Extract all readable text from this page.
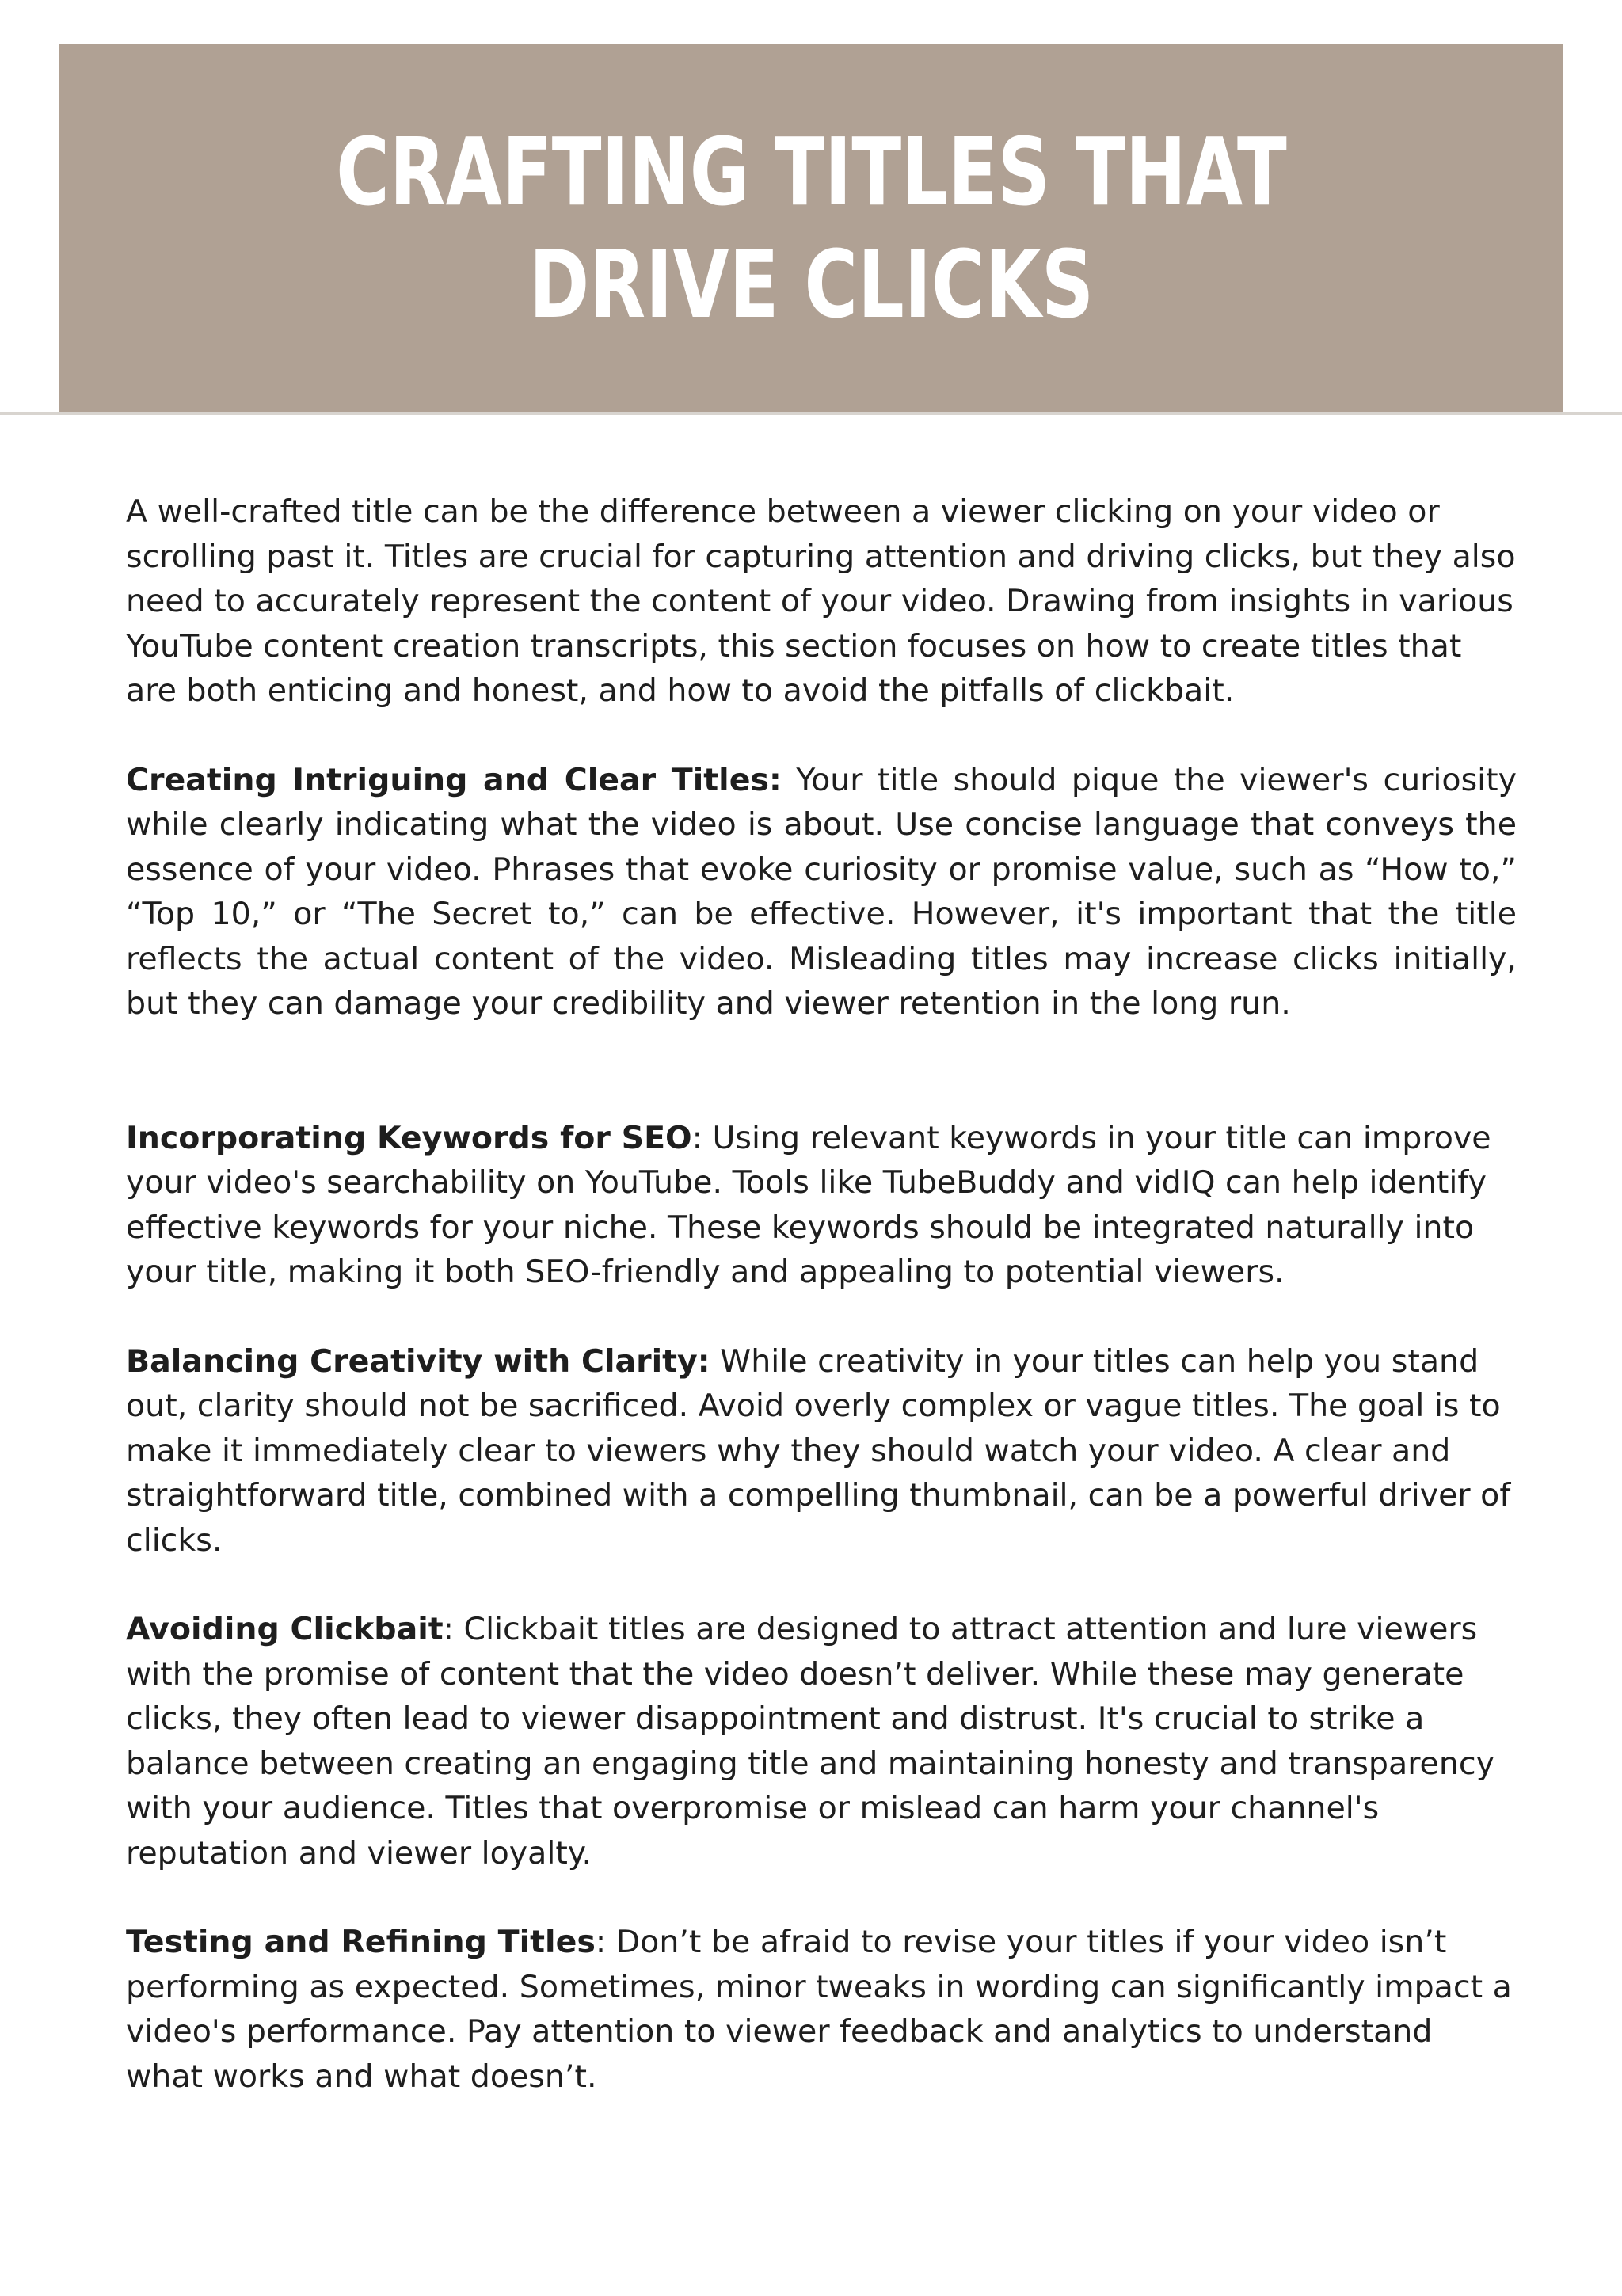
CRAFTING TITLES THAT DRIVE CLICKS

A well-crafted title can be the difference between a viewer clicking on your video or scrolling past it. Titles are crucial for capturing attention and driving clicks, but they also need to accurately represent the content of your video. Drawing from insights in various YouTube content creation transcripts, this section focuses on how to create titles that are both enticing and honest, and how to avoid the pitfalls of clickbait.

Creating Intriguing and Clear Titles: Your title should pique the viewer's curiosity while clearly indicating what the video is about. Use concise language that conveys the essence of your video. Phrases that evoke curiosity or promise value, such as “How to,” “Top 10,” or “The Secret to,” can be effective. However, it's important that the title reflects the actual content of the video. Misleading titles may increase clicks initially, but they can damage your credibility and viewer retention in the long run.

Incorporating Keywords for SEO: Using relevant keywords in your title can improve your video's searchability on YouTube. Tools like TubeBuddy and vidIQ can help identify effective keywords for your niche. These keywords should be integrated naturally into your title, making it both SEO-friendly and appealing to potential viewers.

Balancing Creativity with Clarity: While creativity in your titles can help you stand out, clarity should not be sacrificed. Avoid overly complex or vague titles. The goal is to make it immediately clear to viewers why they should watch your video. A clear and straightforward title, combined with a compelling thumbnail, can be a powerful driver of clicks.

Avoiding Clickbait: Clickbait titles are designed to attract attention and lure viewers with the promise of content that the video doesn’t deliver. While these may generate clicks, they often lead to viewer disappointment and distrust. It's crucial to strike a balance between creating an engaging title and maintaining honesty and transparency with your audience. Titles that overpromise or mislead can harm your channel's reputation and viewer loyalty.

Testing and Refining Titles: Don’t be afraid to revise your titles if your video isn’t performing as expected. Sometimes, minor tweaks in wording can significantly impact a video's performance. Pay attention to viewer feedback and analytics to understand what works and what doesn’t.
